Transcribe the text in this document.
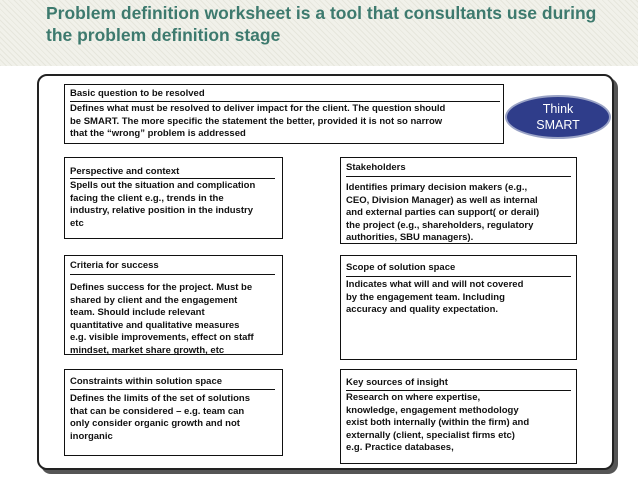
Problem definition worksheet is a tool that consultants use during the problem definition stage
Basic question to be resolved
Defines what must be resolved to deliver impact for the client. The question should
be SMART. The more specific the statement the better, provided it is not so narrow
that the “wrong” problem is addressed
Think
SMART
Perspective and context
Spells out the situation and complication
facing the client e.g., trends in the
industry, relative position in the industry
etc
Stakeholders
Identifies primary decision makers (e.g.,
CEO, Division Manager) as well as internal
and external parties can support( or derail)
the project (e.g., shareholders, regulatory
authorities, SBU managers).
Criteria for success
Defines success for the project. Must be
shared by client and the engagement
team. Should include relevant
quantitative and qualitative measures
e.g. visible improvements, effect on staff
mindset, market share growth, etc
Scope of solution space
Indicates what will and will not covered
by the engagement team. Including
accuracy and quality expectation.
Constraints within solution space
Defines the limits of the set of solutions
that can be considered – e.g. team can
only consider organic growth and not
inorganic
Key sources of insight
Research on where expertise,
knowledge, engagement methodology
exist both internally (within the firm) and
externally (client, specialist firms etc)
e.g. Practice databases,
